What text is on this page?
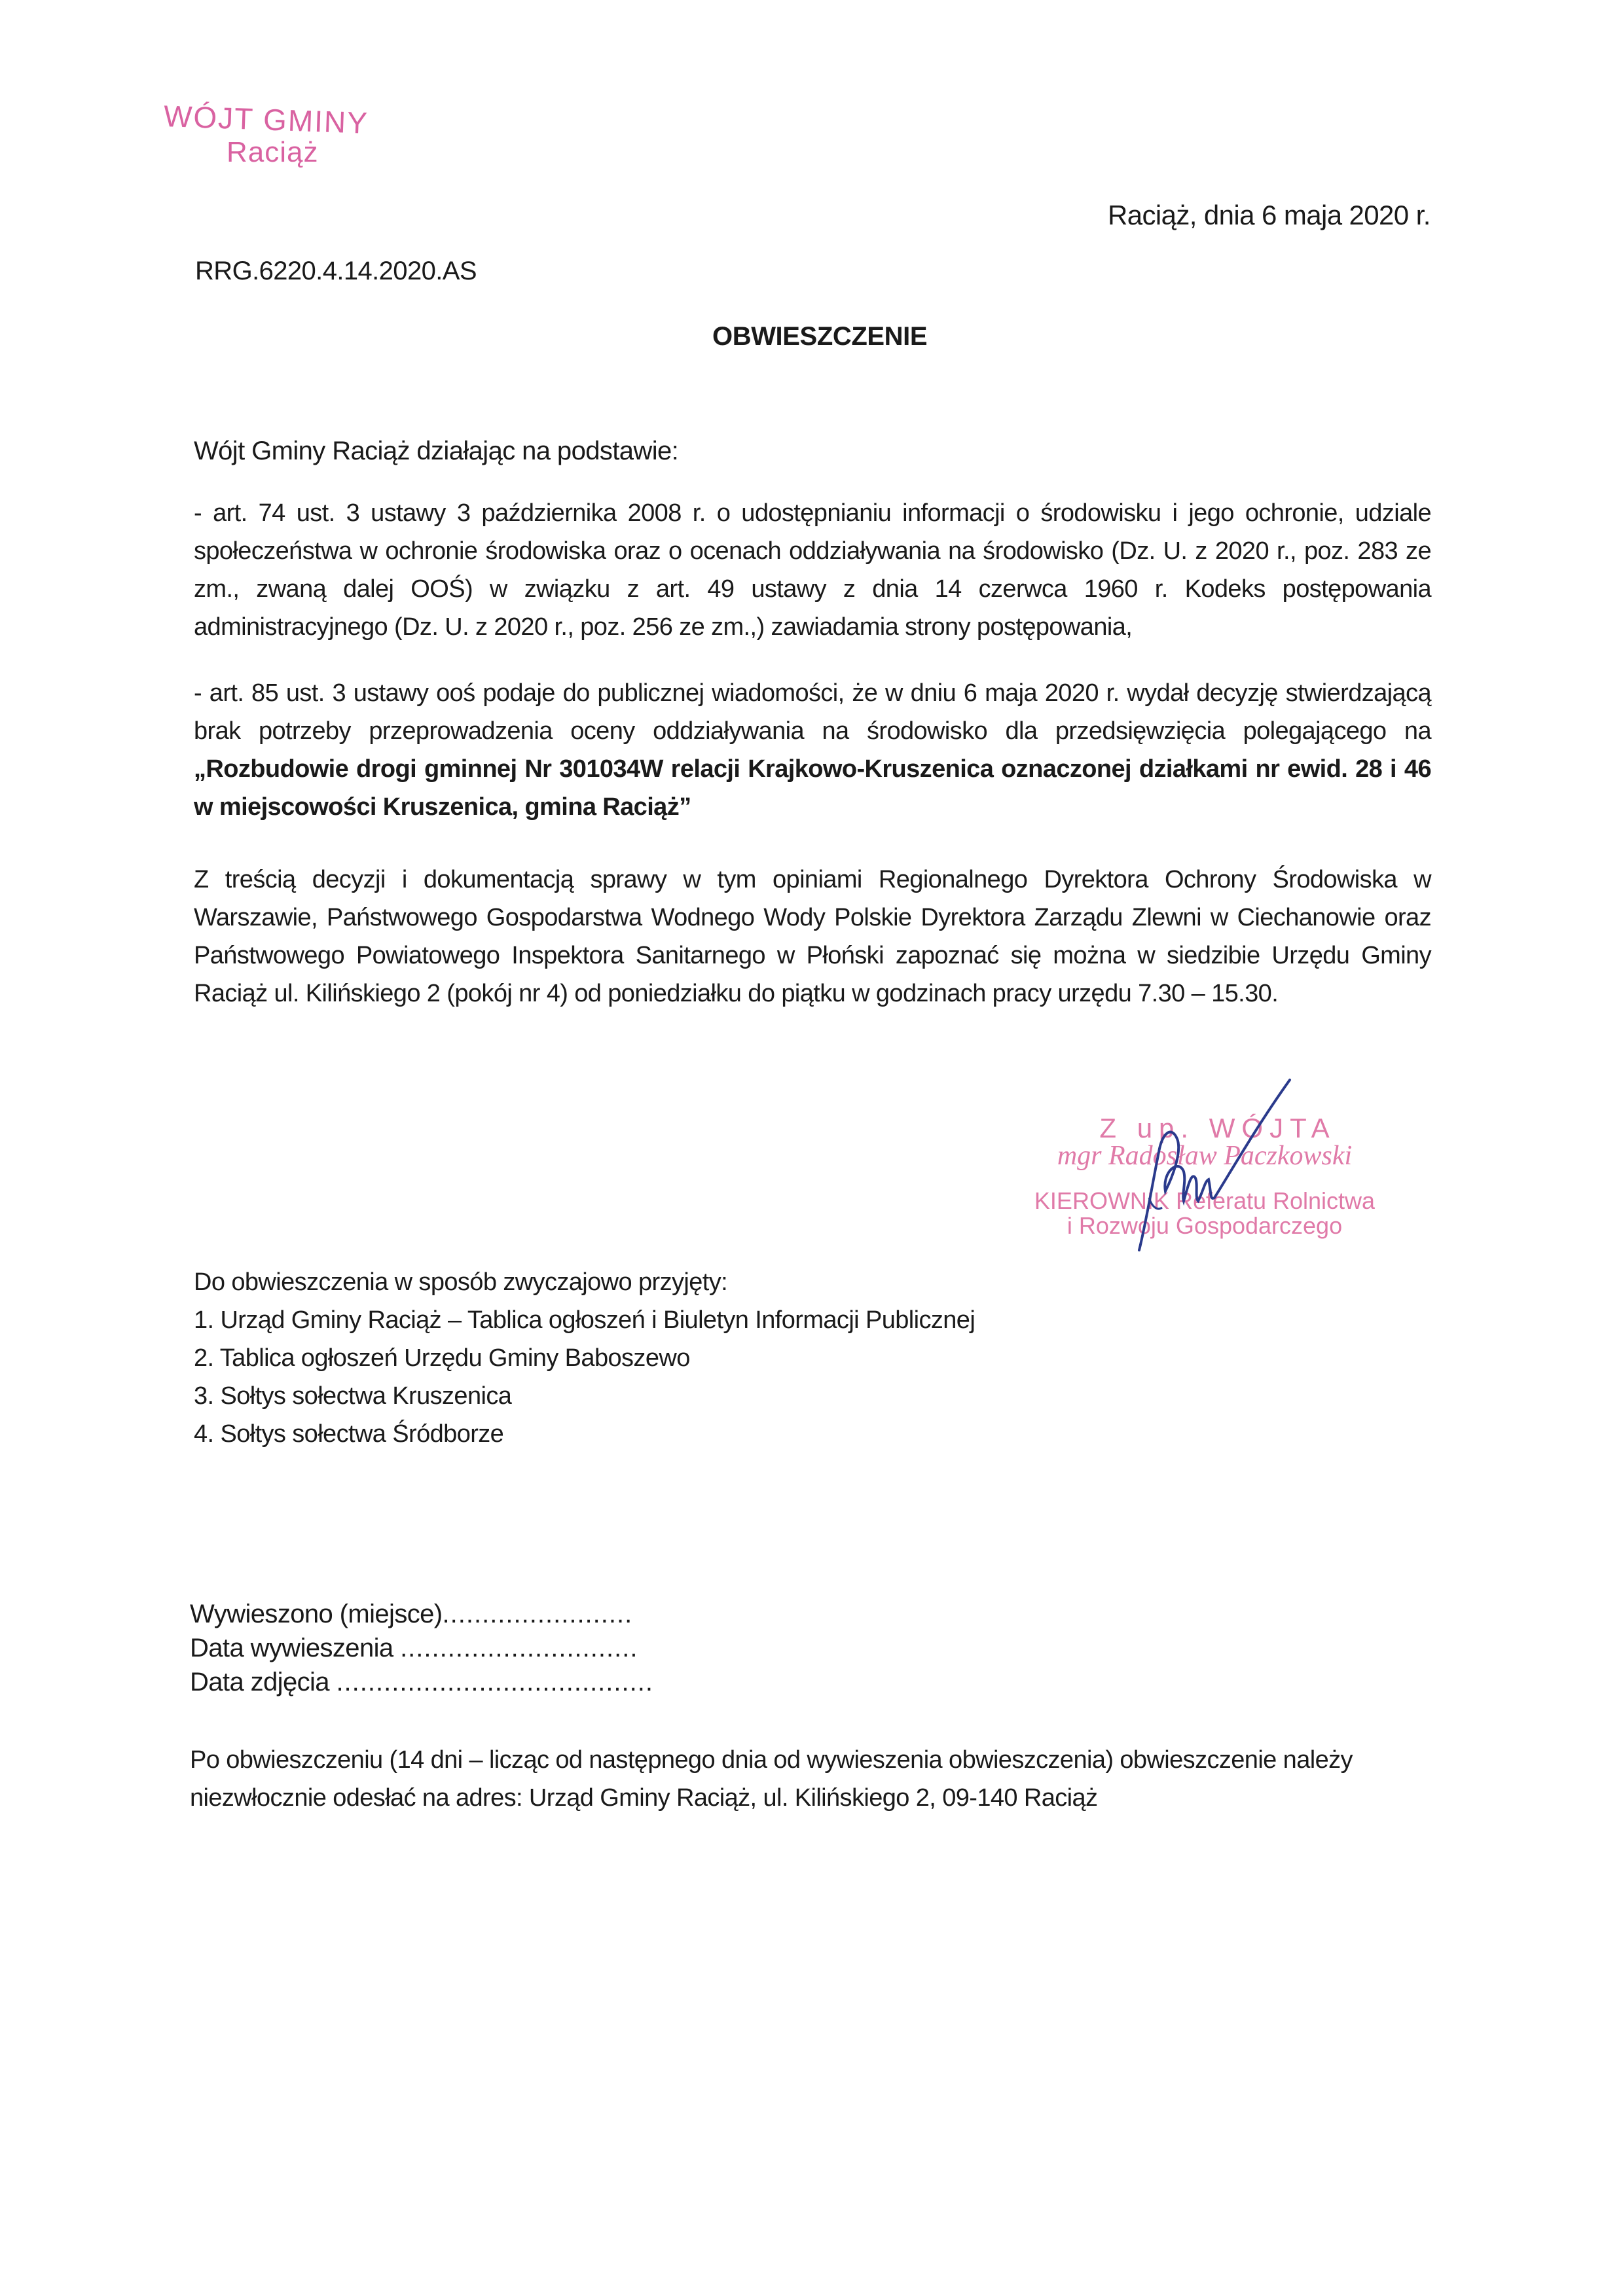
WÓJT GMINY
Raciąż
Raciąż, dnia 6 maja 2020 r.
RRG.6220.4.14.2020.AS
OBWIESZCZENIE

Wójt Gminy Raciąż działając na podstawie:

- art. 74 ust. 3 ustawy 3 października 2008 r. o udostępnianiu informacji o środowisku i jego ochronie, udziale społeczeństwa w ochronie środowiska oraz o ocenach oddziaływania na środowisko (Dz. U. z 2020 r., poz. 283 ze zm., zwaną dalej OOŚ) w związku z art. 49 ustawy z dnia 14 czerwca 1960 r. Kodeks postępowania administracyjnego (Dz. U. z 2020 r., poz. 256 ze zm.,) zawiadamia strony postępowania,

- art. 85 ust. 3 ustawy ooś podaje do publicznej wiadomości, że w dniu 6 maja 2020 r. wydał decyzję stwierdzającą brak potrzeby przeprowadzenia oceny oddziaływania na środowisko dla przedsięwzięcia polegającego na „Rozbudowie drogi gminnej Nr 301034W relacji Krajkowo-Kruszenica oznaczonej działkami nr ewid. 28 i 46 w miejscowości Kruszenica, gmina Raciąż”

Z treścią decyzji i dokumentacją sprawy w tym opiniami Regionalnego Dyrektora Ochrony Środowiska w Warszawie, Państwowego Gospodarstwa Wodnego Wody Polskie Dyrektora Zarządu Zlewni w Ciechanowie oraz Państwowego Powiatowego Inspektora Sanitarnego w Płoński zapoznać się można w siedzibie Urzędu Gminy Raciąż ul. Kilińskiego 2 (pokój nr 4) od poniedziałku do piątku w godzinach pracy urzędu 7.30 – 15.30.

Z up. WÓJTA
mgr Radosław Paczkowski
KIEROWNIK Referatu Rolnictwa
i Rozwoju Gospodarczego
Do obwieszczenia w sposób zwyczajowo przyjęty:
1. Urząd Gminy Raciąż – Tablica ogłoszeń i Biuletyn Informacji Publicznej
2. Tablica ogłoszeń Urzędu Gminy Baboszewo
3. Sołtys sołectwa Kruszenica
4. Sołtys sołectwa Śródborze
Wywieszono (miejsce)........................
Data wywieszenia ..............................
Data zdjęcia ........................................

Po obwieszczeniu (14 dni – licząc od następnego dnia od wywieszenia obwieszczenia) obwieszczenie należy niezwłocznie odesłać na adres: Urząd Gminy Raciąż, ul. Kilińskiego 2, 09-140 Raciąż
